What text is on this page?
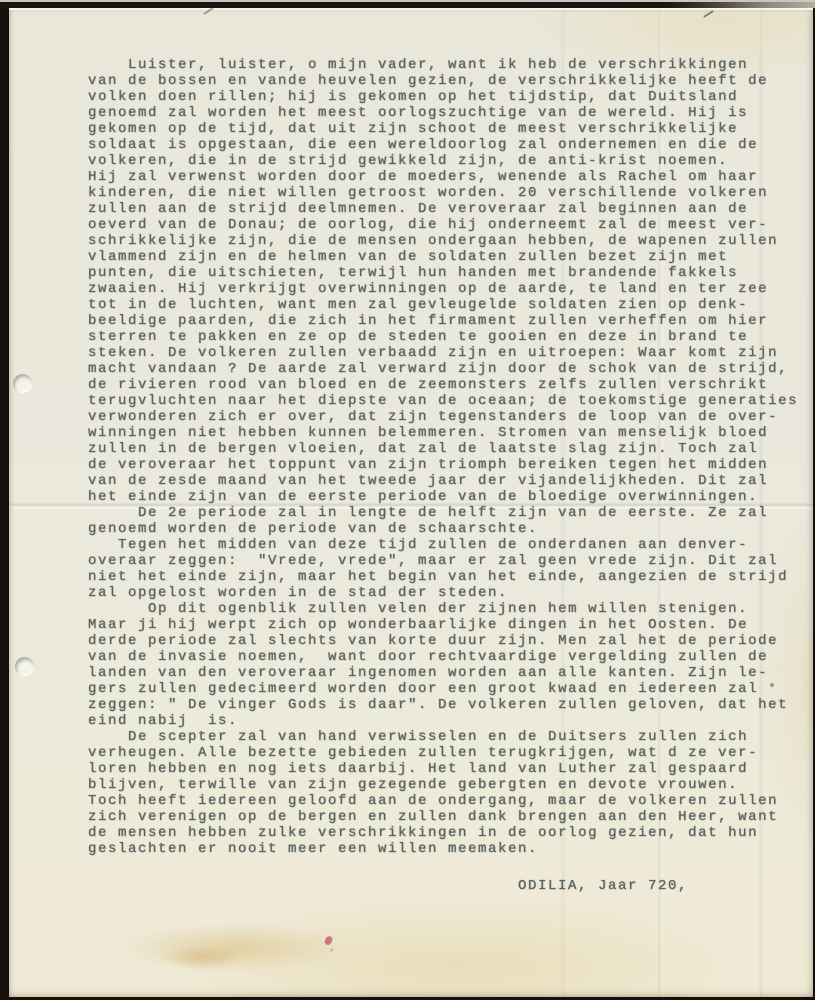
Luister, luister, o mijn vader, want ik heb de verschrikkingen
van de bossen en vande heuvelen gezien, de verschrikkelijke heeft de
volken doen rillen; hij is gekomen op het tijdstip, dat Duitsland
genoemd zal worden het meest oorlogszuchtige van de wereld. Hij is
gekomen op de tijd, dat uit zijn schoot de meest verschrikkelijke
soldaat is opgestaan, die een wereldoorlog zal ondernemen en die de
volkeren, die in de strijd gewikkeld zijn, de anti-krist noemen.
Hij zal verwenst worden door de moeders, wenende als Rachel om haar
kinderen, die niet willen getroost worden. 20 verschillende volkeren
zullen aan de strijd deelmnemen. De veroveraar zal beginnen aan de
oeverd van de Donau; de oorlog, die hij onderneemt zal de meest ver-
schrikkelijke zijn, die de mensen ondergaan hebben, de wapenen zullen
vlammend zijn en de helmen van de soldaten zullen bezet zijn met
punten, die uitschieten, terwijl hun handen met brandende fakkels
zwaaien. Hij verkrijgt overwinningen op de aarde, te land en ter zee
tot in de luchten, want men zal gevleugelde soldaten zien op denk-
beeldige paarden, die zich in het firmament zullen verheffen om hier
sterren te pakken en ze op de steden te gooien en deze in brand te
steken. De volkeren zullen verbaadd zijn en uitroepen: Waar komt zijn
macht vandaan ? De aarde zal verward zijn door de schok van de strijd,
de rivieren rood van bloed en de zeemonsters zelfs zullen verschrikt
terugvluchten naar het diepste van de oceaan; de toekomstige generaties
verwonderen zich er over, dat zijn tegenstanders de loop van de over-
winningen niet hebben kunnen belemmeren. Stromen van menselijk bloed
zullen in de bergen vloeien, dat zal de laatste slag zijn. Toch zal
de veroveraar het toppunt van zijn triomph bereiken tegen het midden
van de zesde maand van het tweede jaar der vijandelijkheden. Dit zal
het einde zijn van de eerste periode van de bloedige overwinningen.
De 2e periode zal in lengte de helft zijn van de eerste. Ze zal
genoemd worden de periode van de schaarschte.
Tegen het midden van deze tijd zullen de onderdanen aan denver-
overaar zeggen:  "Vrede, vrede", maar er zal geen vrede zijn. Dit zal
niet het einde zijn, maar het begin van het einde, aangezien de strijd
zal opgelost worden in de stad der steden.
Op dit ogenblik zullen velen der zijnen hem willen stenigen.
Maar ji hij werpt zich op wonderbaarlijke dingen in het Oosten. De
derde periode zal slechts van korte duur zijn. Men zal het de periode
van de invasie noemen,  want door rechtvaardige vergelding zullen de
landen van den veroveraar ingenomen worden aan alle kanten. Zijn le-
gers zullen gedecimeerd worden door een groot kwaad en iedereen zal
zeggen: " De vinger Gods is daar". De volkeren zullen geloven, dat het
eind nabij  is.
De scepter zal van hand verwisselen en de Duitsers zullen zich
verheugen. Alle bezette gebieden zullen terugkrijgen, wat d ze ver-
loren hebben en nog iets daarbij. Het land van Luther zal gespaard
blijven, terwille van zijn gezegende gebergten en devote vrouwen.
Toch heeft iedereen geloofd aan de ondergang, maar de volkeren zullen
zich verenigen op de bergen en zullen dank brengen aan den Heer, want
de mensen hebben zulke verschrikkingen in de oorlog gezien, dat hun
geslachten er nooit meer een willen meemaken.
ODILIA, Jaar 720,
